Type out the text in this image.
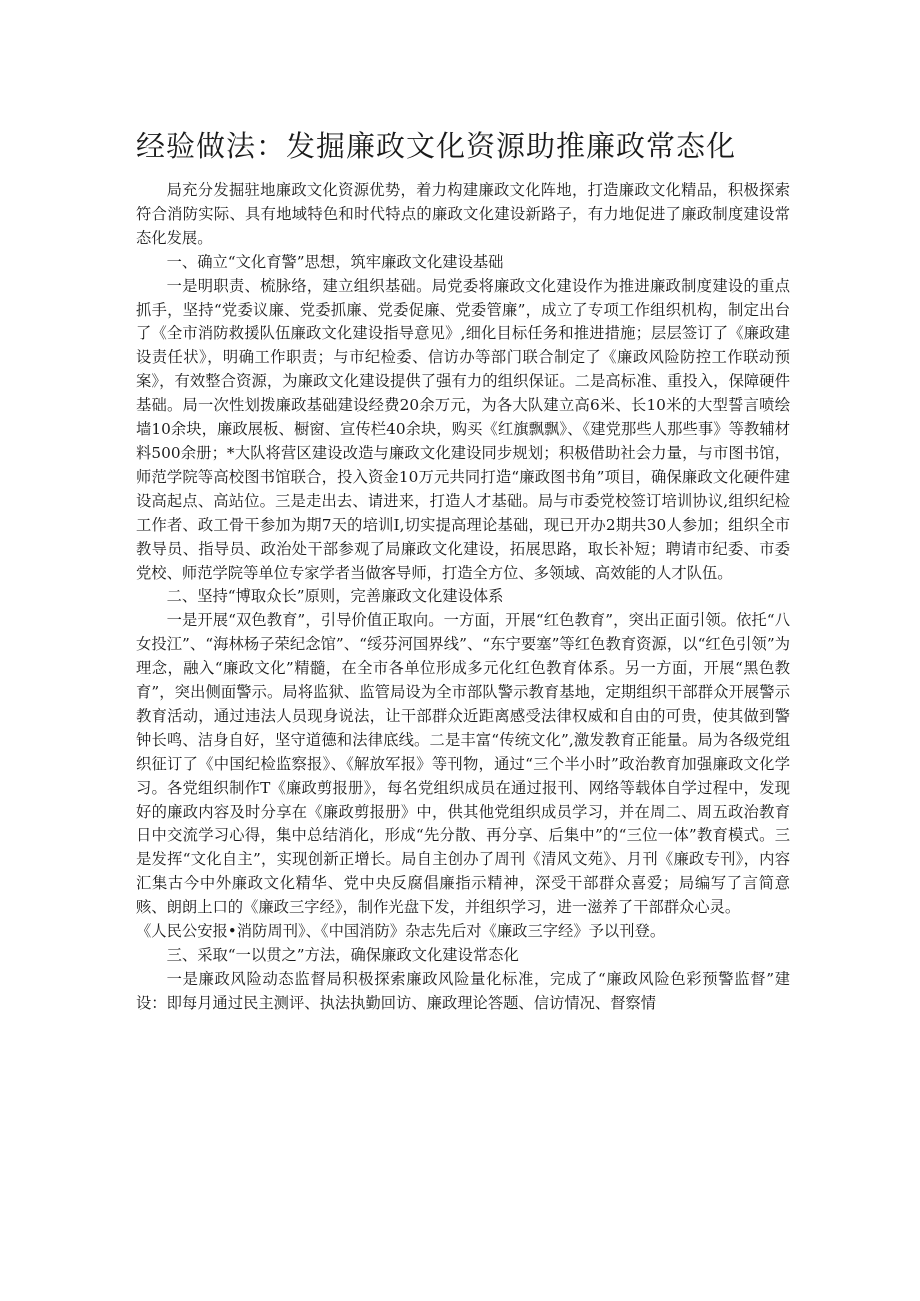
经验做法：发掘廉政文化资源助推廉政常态化

局充分发掘驻地廉政文化资源优势，着力构建廉政文化阵地，打造廉政文化精品，积极探索符合消防实际、具有地域特色和时代特点的廉政文化建设新路子，有力地促进了廉政制度建设常态化发展。

一、确立“文化育警”思想，筑牢廉政文化建设基础

一是明职责、梳脉络，建立组织基础。局党委将廉政文化建设作为推进廉政制度建设的重点抓手，坚持“党委议廉、党委抓廉、党委促廉、党委管廉”，成立了专项工作组织机构，制定出台了《全市消防救援队伍廉政文化建设指导意见》,细化目标任务和推进措施；层层签订了《廉政建设责任状》，明确工作职责；与市纪检委、信访办等部门联合制定了《廉政风险防控工作联动预案》，有效整合资源，为廉政文化建设提供了强有力的组织保证。二是高标准、重投入，保障硬件基础。局一次性划拨廉政基础建设经费20余万元，为各大队建立高6米、长10米的大型誓言喷绘墙10余块，廉政展板、橱窗、宣传栏40余块，购买《红旗飘飘》、《建党那些人那些事》等教辅材料500余册；*大队将营区建设改造与廉政文化建设同步规划；积极借助社会力量，与市图书馆，师范学院等高校图书馆联合，投入资金10万元共同打造“廉政图书角”项目，确保廉政文化硬件建设高起点、高站位。三是走出去、请进来，打造人才基础。局与市委党校签订培训协议,组织纪检工作者、政工骨干参加为期7天的培训I,切实提高理论基础，现已开办2期共30人参加；组织全市教导员、指导员、政治处干部参观了局廉政文化建设，拓展思路，取长补短；聘请市纪委、市委党校、师范学院等单位专家学者当做客导师，打造全方位、多领域、高效能的人才队伍。

二、坚持“博取众长”原则，完善廉政文化建设体系

一是开展“双色教育”，引导价值正取向。一方面，开展“红色教育”，突出正面引领。依托“八女投江”、“海林杨子荣纪念馆”、“绥芬河国界线”、“东宁要塞”等红色教育资源，以“红色引领”为理念，融入“廉政文化”精髓，在全市各单位形成多元化红色教育体系。另一方面，开展“黑色教育”，突出侧面警示。局将监狱、监管局设为全市部队警示教育基地，定期组织干部群众开展警示教育活动，通过违法人员现身说法，让干部群众近距离感受法律权威和自由的可贵，使其做到警钟长鸣、洁身自好，坚守道德和法律底线。二是丰富“传统文化”,激发教育正能量。局为各级党组织征订了《中国纪检监察报》、《解放军报》等刊物，通过“三个半小时”政治教育加强廉政文化学习。各党组织制作T《廉政剪报册》，每名党组织成员在通过报刊、网络等载体自学过程中，发现好的廉政内容及时分享在《廉政剪报册》中，供其他党组织成员学习，并在周二、周五政治教育日中交流学习心得，集中总结消化，形成“先分散、再分享、后集中”的“三位一体”教育模式。三是发挥“文化自主”，实现创新正增长。局自主创办了周刊《清风文苑》、月刊《廉政专刊》，内容汇集古今中外廉政文化精华、党中央反腐倡廉指示精神，深受干部群众喜爱；局编写了言简意赅、朗朗上口的《廉政三字经》，制作光盘下发，并组织学习，进一滋养了干部群众心灵。

《人民公安报•消防周刊》、《中国消防》杂志先后对《廉政三字经》予以刊登。

三、采取“一以贯之”方法，确保廉政文化建设常态化

一是廉政风险动态监督局积极探索廉政风险量化标准，完成了“廉政风险色彩预警监督”建设：即每月通过民主测评、执法执勤回访、廉政理论答题、信访情况、督察情
